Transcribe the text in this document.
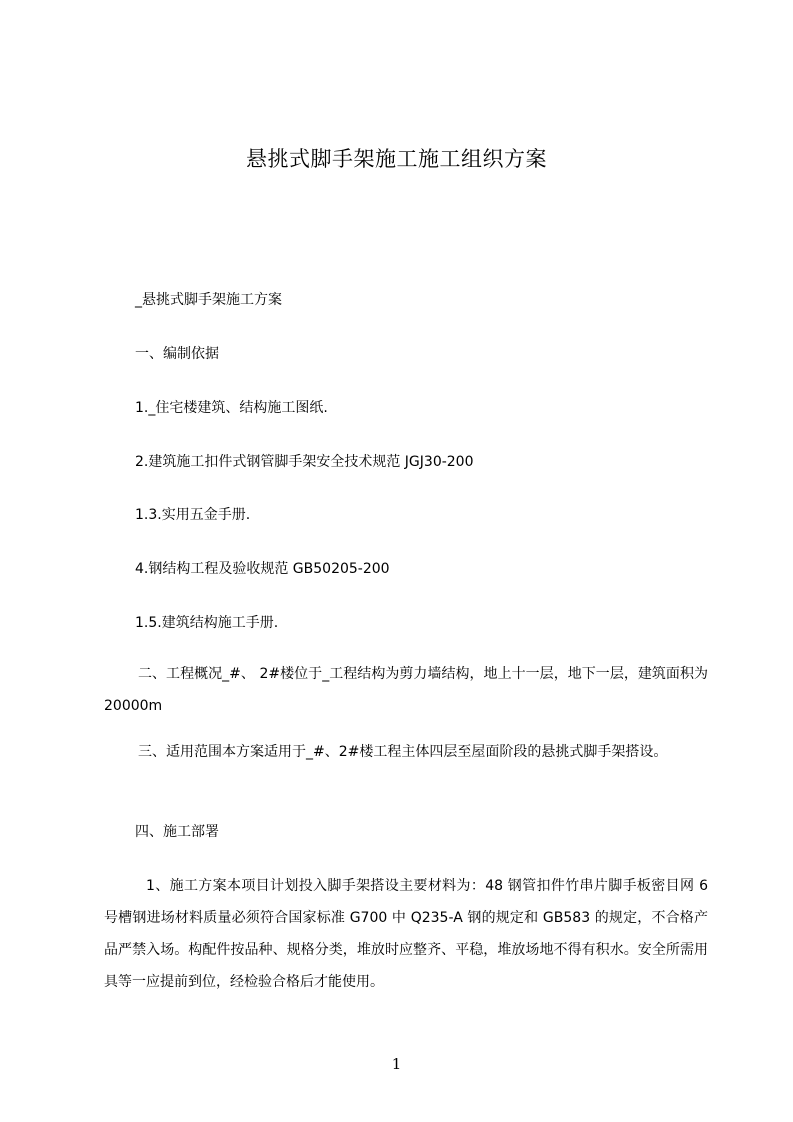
悬挑式脚手架施工施工组织方案
_悬挑式脚手架施工方案
一、编制依据
1._住宅楼建筑、结构施工图纸.
2.建筑施工扣件式钢管脚手架安全技术规范 JGJ30-200
1.3.实用五金手册.
4.钢结构工程及验收规范 GB50205-200
1.5.建筑结构施工手册.
二、工程概况_#、 2#楼位于_工程结构为剪力墙结构，地上十一层，地下一层，建筑面积为 20000m
三、适用范围本方案适用于_#、2#楼工程主体四层至屋面阶段的悬挑式脚手架搭设。
四、施工部署
1、施工方案本项目计划投入脚手架搭设主要材料为：48 钢管扣件竹串片脚手板密目网 6 号槽钢进场材料质量必须符合国家标准 G700 中 Q235-A 钢的规定和 GB583 的规定，不合格产品严禁入场。构配件按品种、规格分类，堆放时应整齐、平稳，堆放场地不得有积水。安全所需用具等一应提前到位，经检验合格后才能使用。
1
